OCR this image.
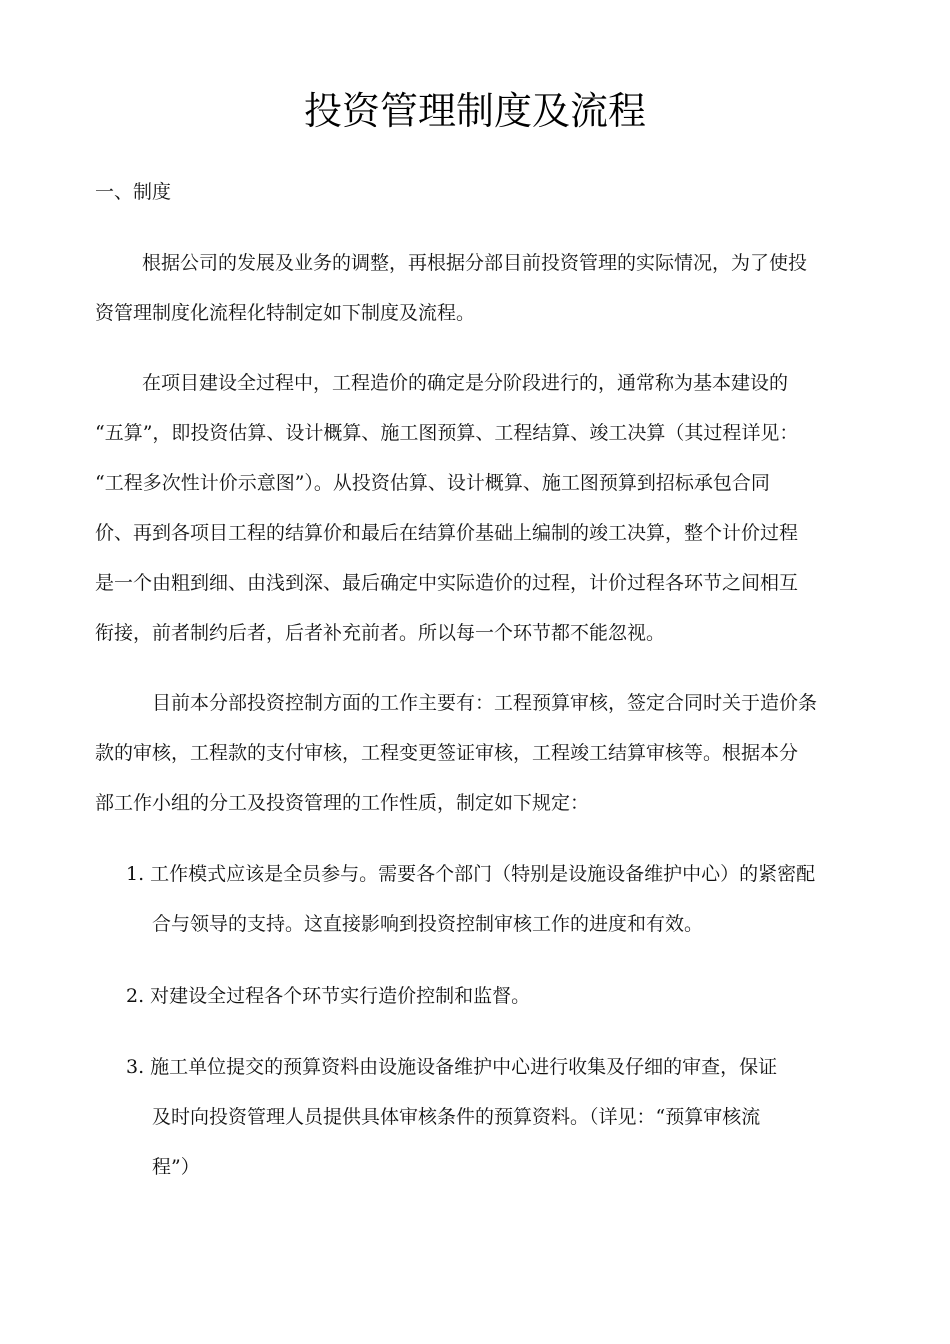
投资管理制度及流程

一、制度

根据公司的发展及业务的调整，再根据分部目前投资管理的实际情况，为了使投

资管理制度化流程化特制定如下制度及流程。

在项目建设全过程中，工程造价的确定是分阶段进行的，通常称为基本建设的

“五算”，即投资估算、设计概算、施工图预算、工程结算、竣工决算（其过程详见：

“工程多次性计价示意图”）。从投资估算、设计概算、施工图预算到招标承包合同

价、再到各项目工程的结算价和最后在结算价基础上编制的竣工决算，整个计价过程

是一个由粗到细、由浅到深、最后确定中实际造价的过程，计价过程各环节之间相互

衔接，前者制约后者，后者补充前者。所以每一个环节都不能忽视。

目前本分部投资控制方面的工作主要有：工程预算审核，签定合同时关于造价条

款的审核，工程款的支付审核，工程变更签证审核，工程竣工结算审核等。根据本分

部工作小组的分工及投资管理的工作性质，制定如下规定：

1. 工作模式应该是全员参与。需要各个部门（特别是设施设备维护中心）的紧密配

合与领导的支持。这直接影响到投资控制审核工作的进度和有效。

2. 对建设全过程各个环节实行造价控制和监督。

3. 施工单位提交的预算资料由设施设备维护中心进行收集及仔细的审查，保证

及时向投资管理人员提供具体审核条件的预算资料。（详见：“预算审核流

程”）
